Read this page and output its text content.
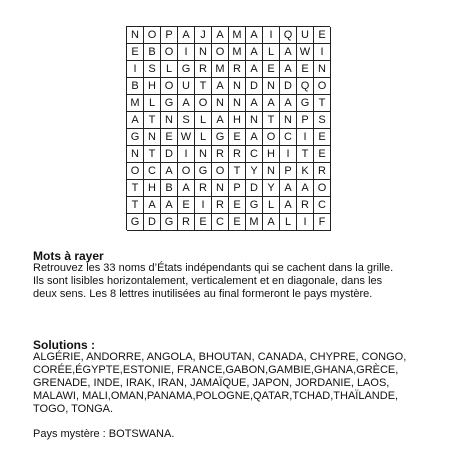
N O P A J A M A	I	Q U E
E B O	I	N O M A L A W I
I	S L G R M R A E A E N
B H O U T A N D N D Q O
M L G A O N N A A A G T
A T N S L A H N T N P S
G N E W L G E A O C	I	E
N T D	I	N R R C H	I	T E
O C A O G O T Y N P K R
T H B A R N P D Y A A O
T A A E	I	R E G L A R C
G D G R E C E M A L	I	F
Mots à rayer
Retrouvez les 33 noms d’États indépendants qui se cachent dans la grille.
Ils sont lisibles horizontalement, verticalement et en diagonale, dans les
deux sens. Les 8 lettres inutilisées au final formeront le pays mystère.
Solutions :
ALGÉRIE, ANDORRE, ANGOLA, BHOUTAN, CANADA, CHYPRE, CONGO,
CORÉE,ÉGYPTE,ESTONIE, FRANCE,GABON,GAMBIE,GHANA,GRÈCE,
GRENADE, INDE, IRAK, IRAN, JAMAÏQUE, JAPON, JORDANIE, LAOS,
MALAWI, MALI,OMAN,PANAMA,POLOGNE,QATAR,TCHAD,THAÏLANDE,
TOGO, TONGA.
Pays mystère : BOTSWANA.
